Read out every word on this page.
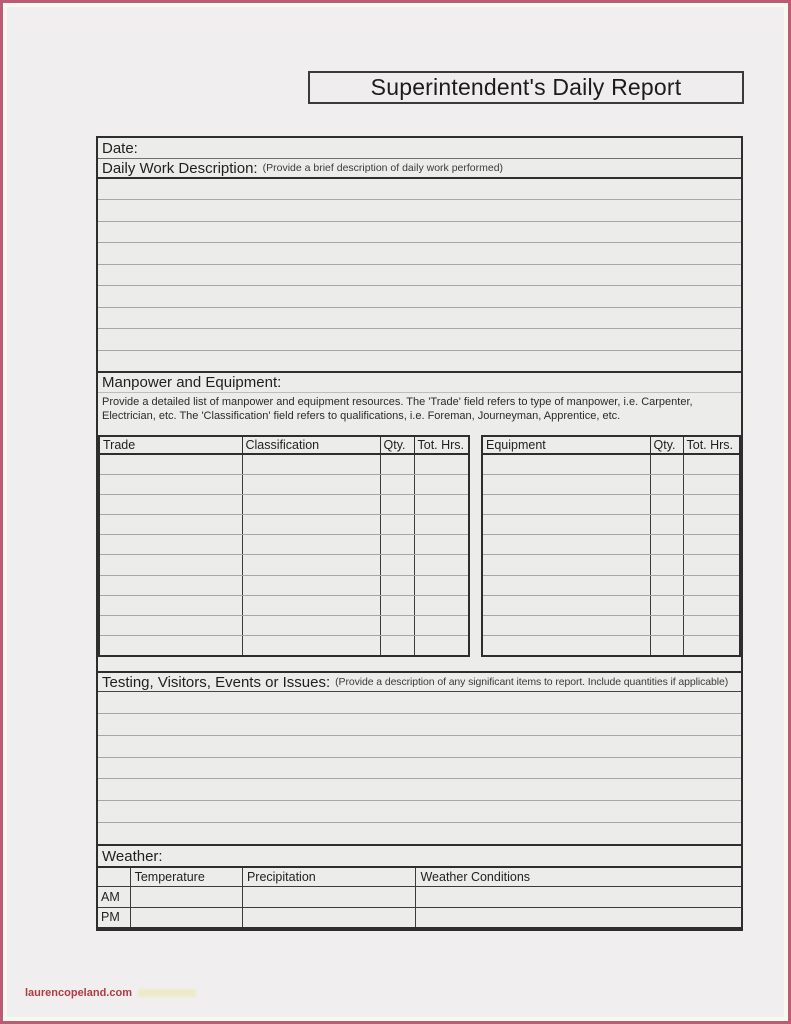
Superintendent's Daily Report
Date:
Daily Work Description: (Provide a brief description of daily work performed)
Manpower and Equipment:
Provide a detailed list of manpower and equipment resources. The 'Trade' field refers to type of manpower, i.e. Carpenter, Electrician, etc. The 'Classification' field refers to qualifications, i.e. Foreman, Journeyman, Apprentice, etc.
Trade	Classification	Qty.	Tot. Hrs.

			Equipment	Qty.	Tot. Hrs.

Testing, Visitors, Events or Issues: (Provide a description of any significant items to report. Include quantities if applicable)
Weather:
	Temperature	Precipitation	Weather Conditions
AM			
PM			
laurencopeland.com
